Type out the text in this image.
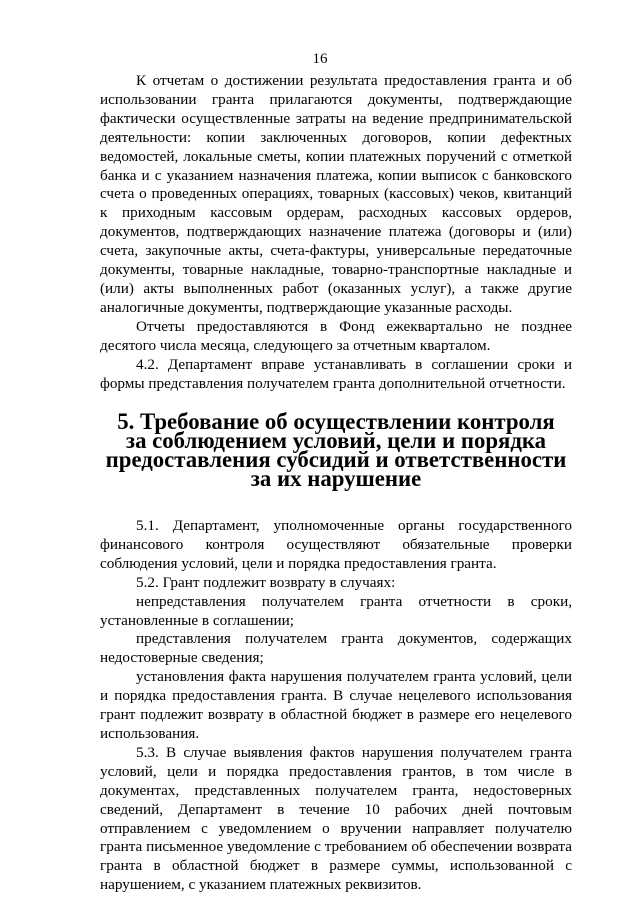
16

К отчетам о достижении результата предоставления гранта и об использовании гранта прилагаются документы, подтверждающие фактически осуществленные затраты на ведение предпринимательской деятельности: копии заключенных договоров, копии дефектных ведомостей, локальные сметы, копии платежных поручений с отметкой банка и с указанием назначения платежа, копии выписок с банковского счета о проведенных операциях, товарных (кассовых) чеков, квитанций к приходным кассовым ордерам, расходных кассовых ордеров, документов, подтверждающих назначение платежа (договоры и (или) счета, закупочные акты, счета-фактуры, универсальные передаточные документы, товарные накладные, товарно-транспортные накладные и (или) акты выполненных работ (оказанных услуг), а также другие аналогичные документы, подтверждающие указанные расходы.

Отчеты предоставляются в Фонд ежеквартально не позднее десятого числа месяца, следующего за отчетным кварталом.

4.2. Департамент вправе устанавливать в соглашении сроки и формы представления получателем гранта дополнительной отчетности.

5. Требование об осуществлении контроля
за соблюдением условий, цели и порядка
предоставления субсидий и ответственности
за их нарушение

5.1. Департамент, уполномоченные органы государственного финансового контроля осуществляют обязательные проверки соблюдения условий, цели и порядка предоставления гранта.

5.2. Грант подлежит возврату в случаях:

непредставления получателем гранта отчетности в сроки, установленные в соглашении;

представления получателем гранта документов, содержащих недостоверные сведения;

установления факта нарушения получателем гранта условий, цели и порядка предоставления гранта. В случае нецелевого использования грант подлежит возврату в областной бюджет в размере его нецелевого использования.

5.3. В случае выявления фактов нарушения получателем гранта условий, цели и порядка предоставления грантов, в том числе в документах, представленных получателем гранта, недостоверных сведений, Департамент в течение 10 рабочих дней почтовым отправлением с уведомлением о вручении направляет получателю гранта письменное уведомление с требованием об обеспечении возврата гранта в областной бюджет в размере суммы, использованной с нарушением, с указанием платежных реквизитов.
